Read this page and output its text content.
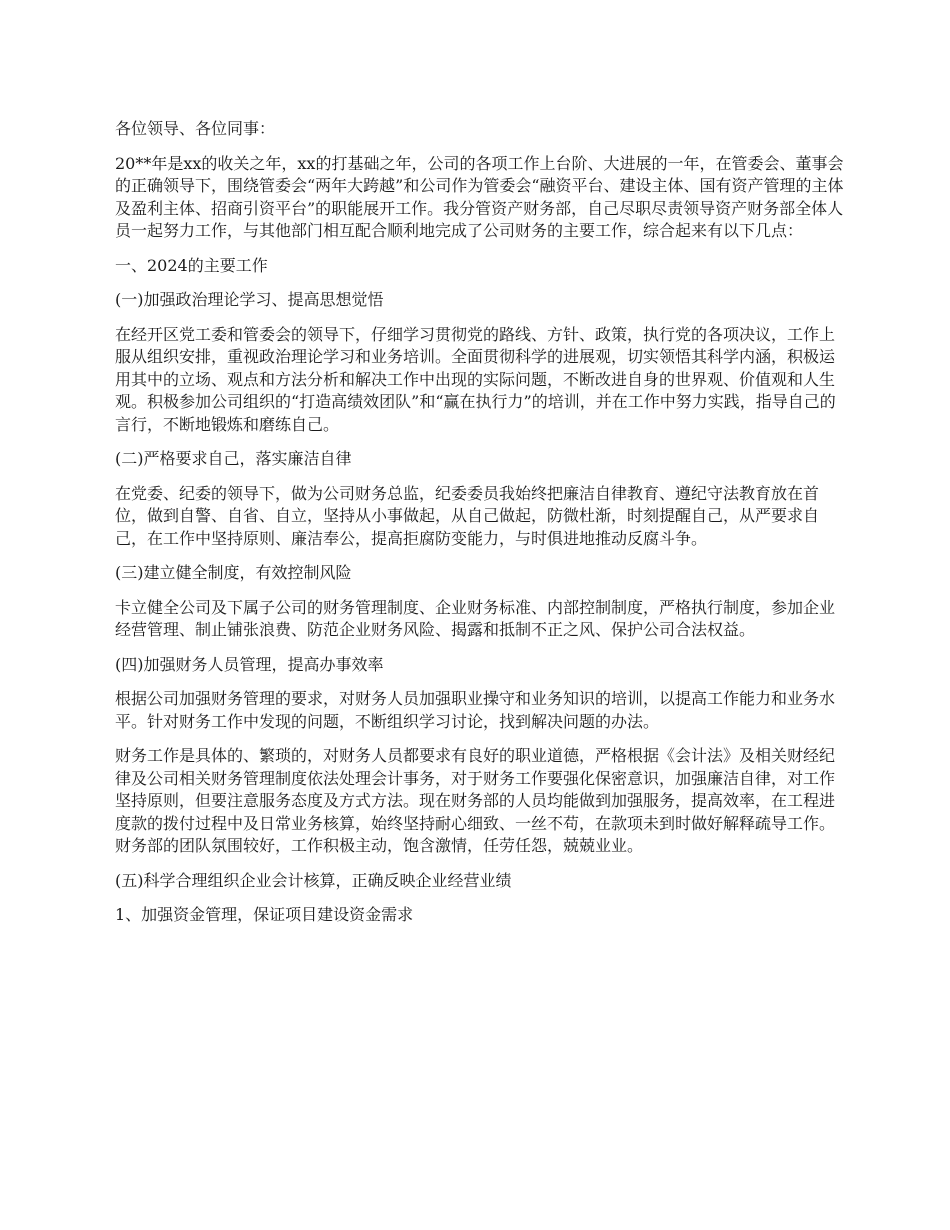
各位领导、各位同事：

20**年是xx的收关之年，xx的打基础之年，公司的各项工作上台阶、大进展的一年，在管委会、董事会的正确领导下，围绕管委会“两年大跨越”和公司作为管委会“融资平台、建设主体、国有资产管理的主体及盈利主体、招商引资平台”的职能展开工作。我分管资产财务部，自己尽职尽责领导资产财务部全体人员一起努力工作，与其他部门相互配合顺利地完成了公司财务的主要工作，综合起来有以下几点：

一、2024的主要工作

(一)加强政治理论学习、提高思想觉悟

在经开区党工委和管委会的领导下，仔细学习贯彻党的路线、方针、政策，执行党的各项决议，工作上服从组织安排，重视政治理论学习和业务培训。全面贯彻科学的进展观，切实领悟其科学内涵，积极运用其中的立场、观点和方法分析和解决工作中出现的实际问题，不断改进自身的世界观、价值观和人生观。积极参加公司组织的“打造高绩效团队”和“赢在执行力”的培训，并在工作中努力实践，指导自己的言行，不断地锻炼和磨练自己。

(二)严格要求自己，落实廉洁自律

在党委、纪委的领导下，做为公司财务总监，纪委委员我始终把廉洁自律教育、遵纪守法教育放在首位，做到自警、自省、自立，坚持从小事做起，从自己做起，防微杜渐，时刻提醒自己，从严要求自己，在工作中坚持原则、廉洁奉公，提高拒腐防变能力，与时俱进地推动反腐斗争。

(三)建立健全制度，有效控制风险

卡立健全公司及下属子公司的财务管理制度、企业财务标准、内部控制制度，严格执行制度，参加企业经营管理、制止铺张浪费、防范企业财务风险、揭露和抵制不正之风、保护公司合法权益。

(四)加强财务人员管理，提高办事效率

根据公司加强财务管理的要求，对财务人员加强职业操守和业务知识的培训，以提高工作能力和业务水平。针对财务工作中发现的问题，不断组织学习讨论，找到解决问题的办法。

财务工作是具体的、繁琐的，对财务人员都要求有良好的职业道德，严格根据《会计法》及相关财经纪律及公司相关财务管理制度依法处理会计事务，对于财务工作要强化保密意识，加强廉洁自律，对工作坚持原则，但要注意服务态度及方式方法。现在财务部的人员均能做到加强服务，提高效率，在工程进度款的拨付过程中及日常业务核算，始终坚持耐心细致、一丝不苟，在款项未到时做好解释疏导工作。财务部的团队氛围较好，工作积极主动，饱含激情，任劳任怨，兢兢业业。

(五)科学合理组织企业会计核算，正确反映企业经营业绩

1、加强资金管理，保证项目建设资金需求
